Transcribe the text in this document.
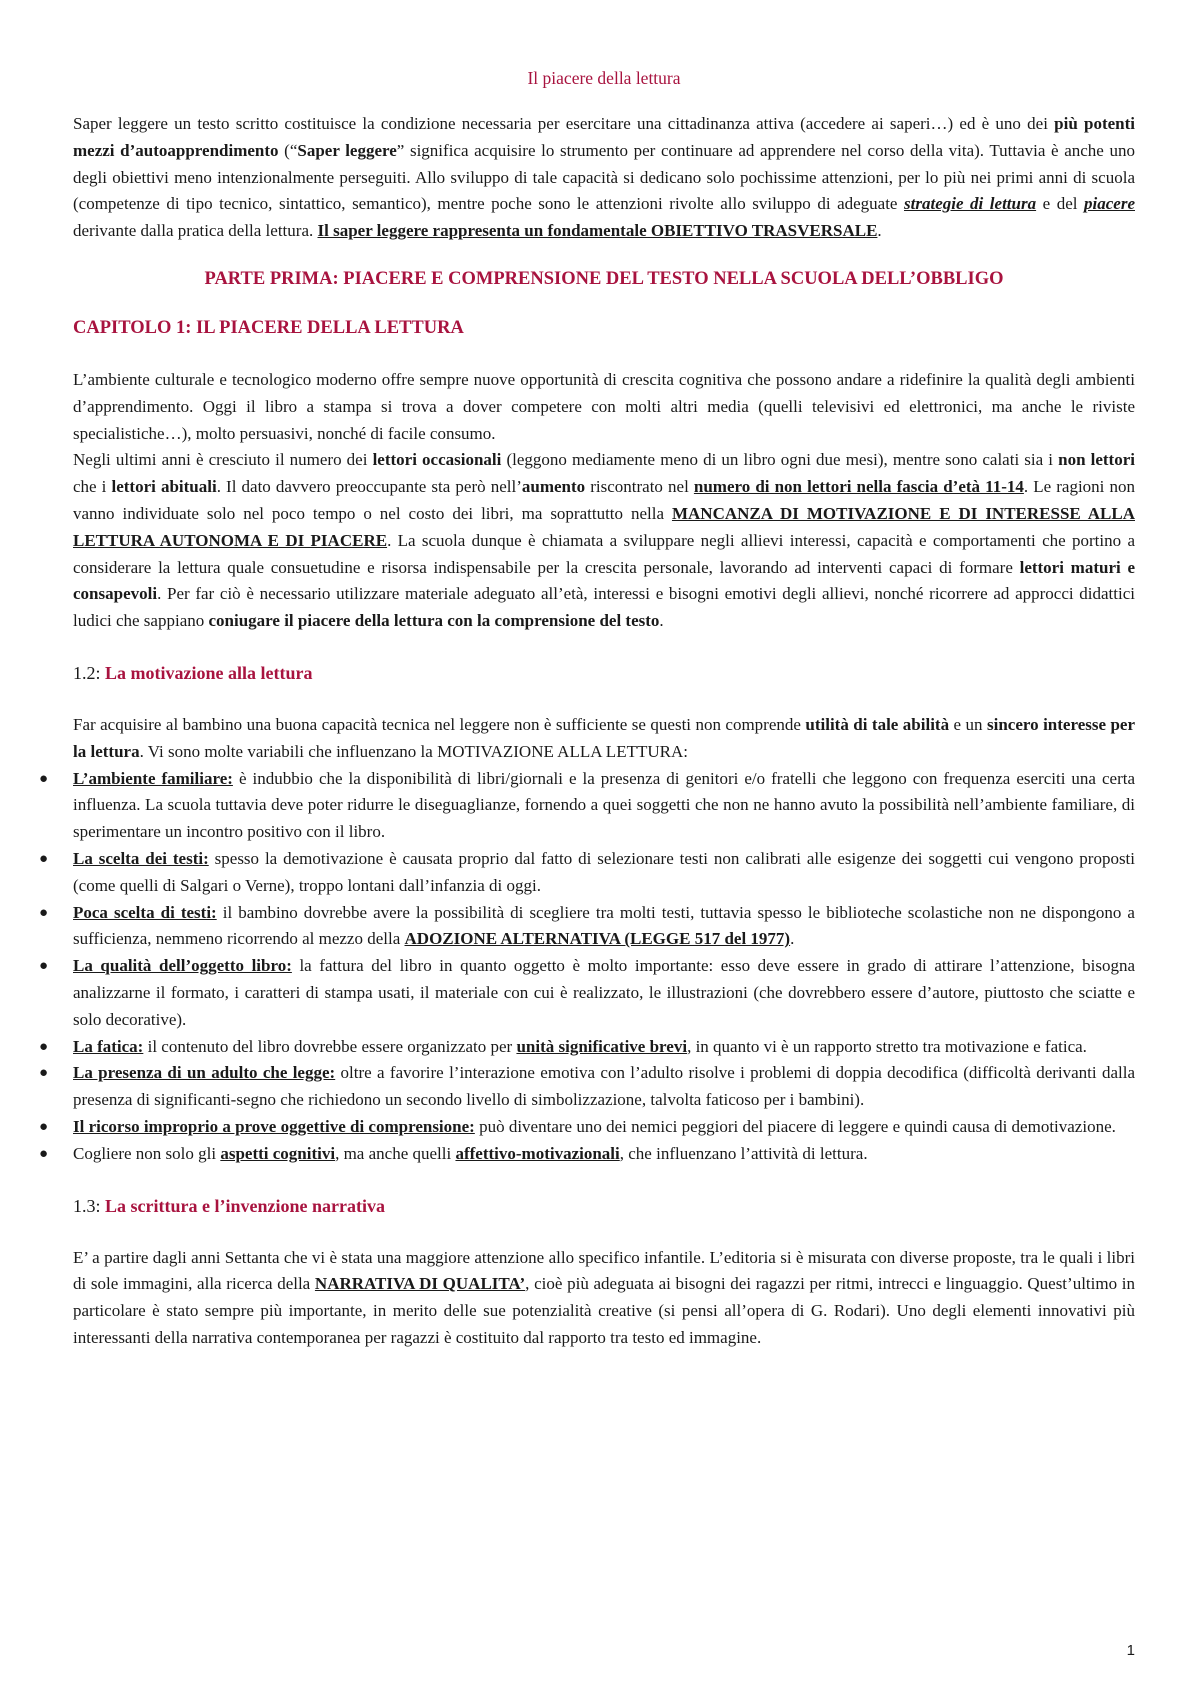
Il piacere della lettura

Saper leggere un testo scritto costituisce la condizione necessaria per esercitare una cittadinanza attiva (accedere ai saperi…) ed è uno dei più potenti mezzi d’autoapprendimento (“Saper leggere” significa acquisire lo strumento per continuare ad apprendere nel corso della vita). Tuttavia è anche uno degli obiettivi meno intenzionalmente perseguiti. Allo sviluppo di tale capacità si dedicano solo pochissime attenzioni, per lo più nei primi anni di scuola (competenze di tipo tecnico, sintattico, semantico), mentre poche sono le attenzioni rivolte allo sviluppo di adeguate strategie di lettura e del piacere derivante dalla pratica della lettura. Il saper leggere rappresenta un fondamentale OBIETTIVO TRASVERSALE.

PARTE PRIMA: PIACERE E COMPRENSIONE DEL TESTO NELLA SCUOLA DELL’OBBLIGO
CAPITOLO 1: IL PIACERE DELLA LETTURA

L’ambiente culturale e tecnologico moderno offre sempre nuove opportunità di crescita cognitiva che possono andare a ridefinire la qualità degli ambienti d’apprendimento. Oggi il libro a stampa si trova a dover competere con molti altri media (quelli televisivi ed elettronici, ma anche le riviste specialistiche…), molto persuasivi, nonché di facile consumo.

Negli ultimi anni è cresciuto il numero dei lettori occasionali (leggono mediamente meno di un libro ogni due mesi), mentre sono calati sia i non lettori che i lettori abituali. Il dato davvero preoccupante sta però nell’aumento riscontrato nel numero di non lettori nella fascia d’età 11-14. Le ragioni non vanno individuate solo nel poco tempo o nel costo dei libri, ma soprattutto nella MANCANZA DI MOTIVAZIONE E DI INTERESSE ALLA LETTURA AUTONOMA E DI PIACERE. La scuola dunque è chiamata a sviluppare negli allievi interessi, capacità e comportamenti che portino a considerare la lettura quale consuetudine e risorsa indispensabile per la crescita personale, lavorando ad interventi capaci di formare lettori maturi e consapevoli. Per far ciò è necessario utilizzare materiale adeguato all’età, interessi e bisogni emotivi degli allievi, nonché ricorrere ad approcci didattici ludici che sappiano coniugare il piacere della lettura con la comprensione del testo.

1.2: La motivazione alla lettura

Far acquisire al bambino una buona capacità tecnica nel leggere non è sufficiente se questi non comprende utilità di tale abilità e un sincero interesse per la lettura. Vi sono molte variabili che influenzano la MOTIVAZIONE ALLA LETTURA:

● L’ambiente familiare: è indubbio che la disponibilità di libri/giornali e la presenza di genitori e/o fratelli che leggono con frequenza eserciti una certa influenza. La scuola tuttavia deve poter ridurre le diseguaglianze, fornendo a quei soggetti che non ne hanno avuto la possibilità nell’ambiente familiare, di sperimentare un incontro positivo con il libro.
● La scelta dei testi: spesso la demotivazione è causata proprio dal fatto di selezionare testi non calibrati alle esigenze dei soggetti cui vengono proposti (come quelli di Salgari o Verne), troppo lontani dall’infanzia di oggi.
● Poca scelta di testi: il bambino dovrebbe avere la possibilità di scegliere tra molti testi, tuttavia spesso le biblioteche scolastiche non ne dispongono a sufficienza, nemmeno ricorrendo al mezzo della ADOZIONE ALTERNATIVA (LEGGE 517 del 1977).
● La qualità dell’oggetto libro: la fattura del libro in quanto oggetto è molto importante: esso deve essere in grado di attirare l’attenzione, bisogna analizzarne il formato, i caratteri di stampa usati, il materiale con cui è realizzato, le illustrazioni (che dovrebbero essere d’autore, piuttosto che sciatte e solo decorative).
● La fatica: il contenuto del libro dovrebbe essere organizzato per unità significative brevi, in quanto vi è un rapporto stretto tra motivazione e fatica.
● La presenza di un adulto che legge: oltre a favorire l’interazione emotiva con l’adulto risolve i problemi di doppia decodifica (difficoltà derivanti dalla presenza di significanti-segno che richiedono un secondo livello di simbolizzazione, talvolta faticoso per i bambini).
● Il ricorso improprio a prove oggettive di comprensione: può diventare uno dei nemici peggiori del piacere di leggere e quindi causa di demotivazione.
● Cogliere non solo gli aspetti cognitivi, ma anche quelli affettivo-motivazionali, che influenzano l’attività di lettura.
1.3: La scrittura e l’invenzione narrativa

E’ a partire dagli anni Settanta che vi è stata una maggiore attenzione allo specifico infantile. L’editoria si è misurata con diverse proposte, tra le quali i libri di sole immagini, alla ricerca della NARRATIVA DI QUALITA’, cioè più adeguata ai bisogni dei ragazzi per ritmi, intrecci e linguaggio. Quest’ultimo in particolare è stato sempre più importante, in merito delle sue potenzialità creative (si pensi all’opera di G. Rodari). Uno degli elementi innovativi più interessanti della narrativa contemporanea per ragazzi è costituito dal rapporto tra testo ed immagine.

1
